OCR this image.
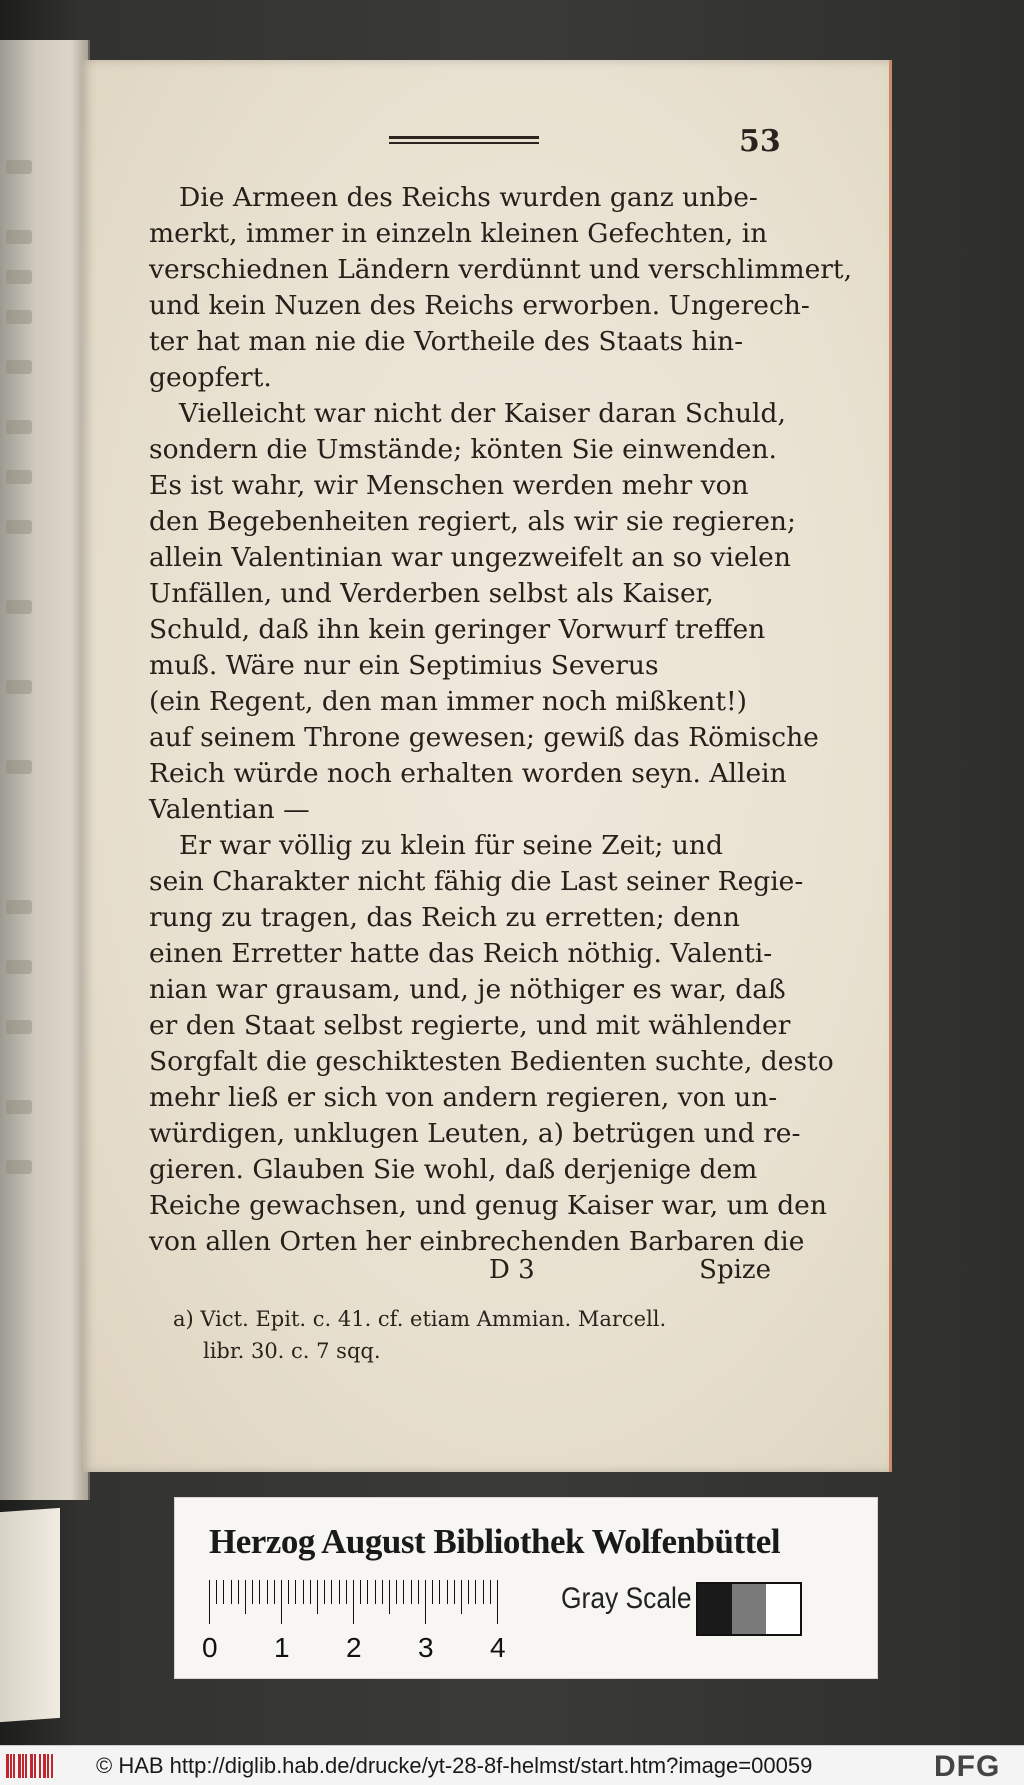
53
Die Armeen des Reichs wurden ganz unbe-
merkt, immer in einzeln kleinen Gefechten, in
verschiednen Ländern verdünnt und verschlimmert,
und kein Nuzen des Reichs erworben. Ungerech-
ter hat man nie die Vortheile des Staats hin-
geopfert.
Vielleicht war nicht der Kaiser daran Schuld,
sondern die Umstände; könten Sie einwenden.
Es ist wahr, wir Menschen werden mehr von
den Begebenheiten regiert, als wir sie regieren;
allein Valentinian war ungezweifelt an so vielen
Unfällen, und Verderben selbst als Kaiser,
Schuld, daß ihn kein geringer Vorwurf treffen
muß. Wäre nur ein Septimius Severus
(ein Regent, den man immer noch mißkent!)
auf seinem Throne gewesen; gewiß das Römische
Reich würde noch erhalten worden seyn. Allein
Valentian —
Er war völlig zu klein für seine Zeit; und
sein Charakter nicht fähig die Last seiner Regie-
rung zu tragen, das Reich zu erretten; denn
einen Erretter hatte das Reich nöthig. Valenti-
nian war grausam, und, je nöthiger es war, daß
er den Staat selbst regierte, und mit wählender
Sorgfalt die geschiktesten Bedienten suchte, desto
mehr ließ er sich von andern regieren, von un-
würdigen, unklugen Leuten, a) betrügen und re-
gieren. Glauben Sie wohl, daß derjenige dem
Reiche gewachsen, und genug Kaiser war, um den
von allen Orten her einbrechenden Barbaren die
D 3	Spize
a) Vict. Epit. c. 41. cf. etiam Ammian. Marcell.
libr. 30. c. 7 sqq.
Herzog August Bibliothek Wolfenbüttel
0 1 2 3 4
Gray Scale
© HAB http://diglib.hab.de/drucke/yt-28-8f-helmst/start.htm?image=00059	DFG
